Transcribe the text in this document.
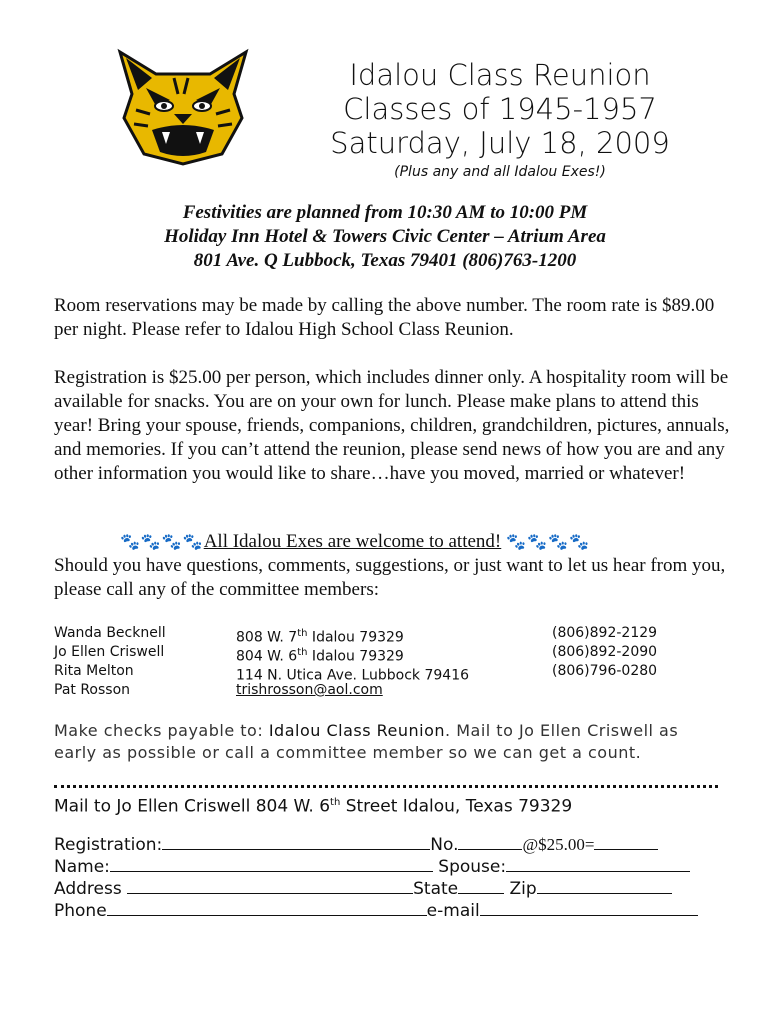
Idalou Class Reunion
Classes of 1945-1957
Saturday, July 18, 2009
(Plus any and all Idalou Exes!)
Festivities are planned from 10:30 AM to 10:00 PM
Holiday Inn Hotel & Towers Civic Center – Atrium Area
801 Ave. Q Lubbock, Texas 79401 (806)763-1200

Room reservations may be made by calling the above number. The room rate is $89.00 per night. Please refer to Idalou High School Class Reunion.

Registration is $25.00 per person, which includes dinner only. A hospitality room will be available for snacks. You are on your own for lunch. Please make plans to attend this year! Bring your spouse, friends, companions, children, grandchildren, pictures, annuals, and memories. If you can’t attend the reunion, please send news of how you are and any other information you would like to share…have you moved, married or whatever!

🐾🐾🐾🐾All Idalou Exes are welcome to attend! 🐾🐾🐾🐾

Should you have questions, comments, suggestions, or just want to let us hear from you, please call any of the committee members:

Wanda Becknell	808 W. 7th Idalou 79329	(806)892-2129
Jo Ellen Criswell	804 W. 6th Idalou 79329	(806)892-2090
Rita Melton	114 N. Utica Ave. Lubbock 79416	(806)796-0280
Pat Rosson	trishrosson@aol.com
Make checks payable to: Idalou Class Reunion. Mail to Jo Ellen Criswell as early as possible or call a committee member so we can get a count.
Mail to Jo Ellen Criswell 804 W. 6th Street Idalou, Texas 79329
Registration:	No.	@$25.00=
Name:	Spouse:
Address	State	Zip
Phone	e-mail
